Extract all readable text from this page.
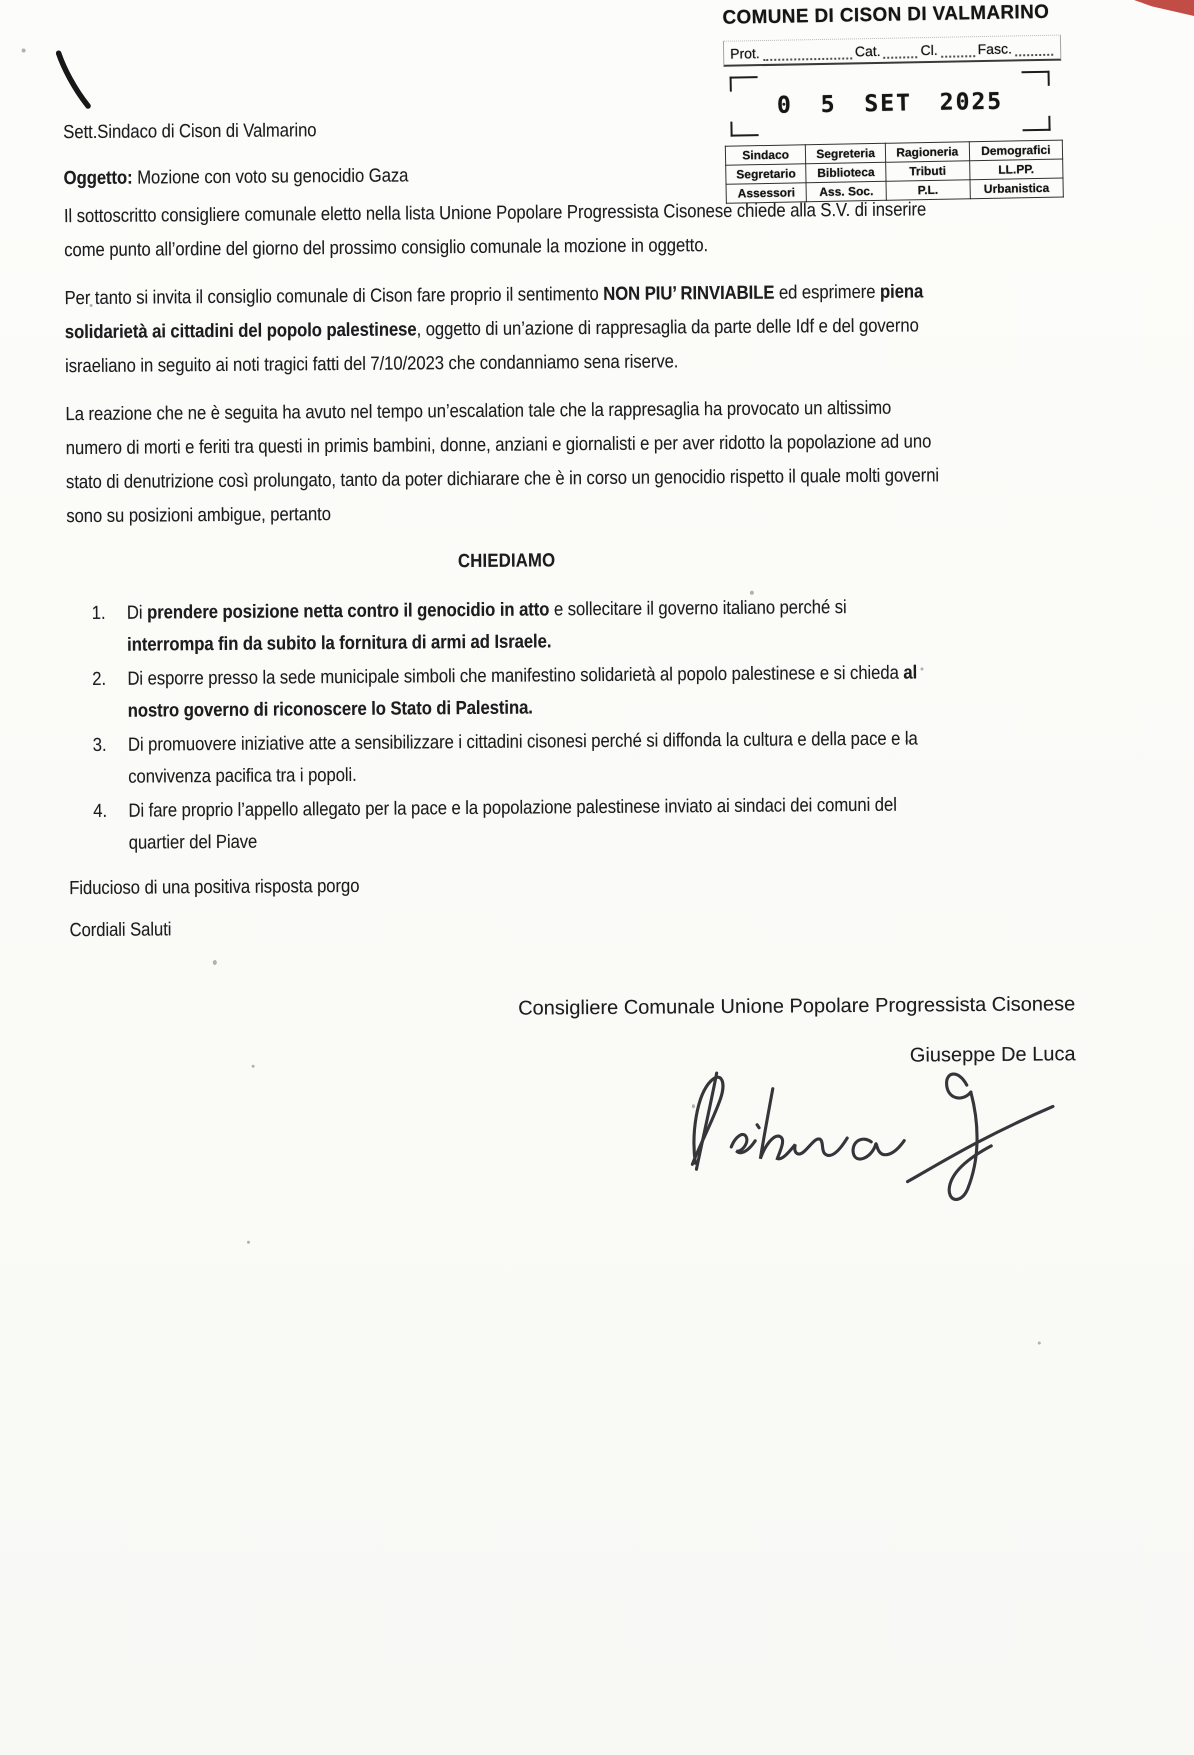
COMUNE DI CISON DI VALMARINO
Prot.	Cat.	Cl.	Fasc.
0 5 SET 2025
Sindaco	Segreteria	Ragioneria	Demografici
Segretario	Biblioteca	Tributi	LL.PP.
Assessori	Ass. Soc.	P.L.	Urbanistica

Sett.Sindaco di Cison di Valmarino

Oggetto: Mozione con voto su genocidio Gaza

Il sottoscritto consigliere comunale eletto nella lista Unione Popolare Progressista Cisonese chiede alla S.V. di inserire come punto all’ordine del giorno del prossimo consiglio comunale la mozione in oggetto.

Per tanto si invita il consiglio comunale di Cison fare proprio il sentimento NON PIU’ RINVIABILE ed esprimere piena solidarietà ai cittadini del popolo palestinese, oggetto di un’azione di rappresaglia da parte delle Idf e del governo israeliano in seguito ai noti tragici fatti del 7/10/2023 che condanniamo sena riserve.

La reazione che ne è seguita ha avuto nel tempo un’escalation tale che la rappresaglia ha provocato un altissimo numero di morti e feriti tra questi in primis bambini, donne, anziani e giornalisti e per aver ridotto la popolazione ad uno stato di denutrizione così prolungato, tanto da poter dichiarare che è in corso un genocidio rispetto il quale molti governi sono su posizioni ambigue, pertanto

CHIEDIAMO
1.	Di prendere posizione netta contro il genocidio in atto e sollecitare il governo italiano perché si interrompa fin da subito la fornitura di armi ad Israele.
2.	Di esporre presso la sede municipale simboli che manifestino solidarietà al popolo palestinese e si chieda al nostro governo di riconoscere lo Stato di Palestina.
3.	Di promuovere iniziative atte a sensibilizzare i cittadini cisonesi perché si diffonda la cultura e della pace e la convivenza pacifica tra i popoli.
4.	Di fare proprio l’appello allegato per la pace e la popolazione palestinese inviato ai sindaci dei comuni del quartier del Piave

Fiducioso di una positiva risposta porgo

Cordiali Saluti

Consigliere Comunale Unione Popolare Progressista Cisonese
Giuseppe De Luca
